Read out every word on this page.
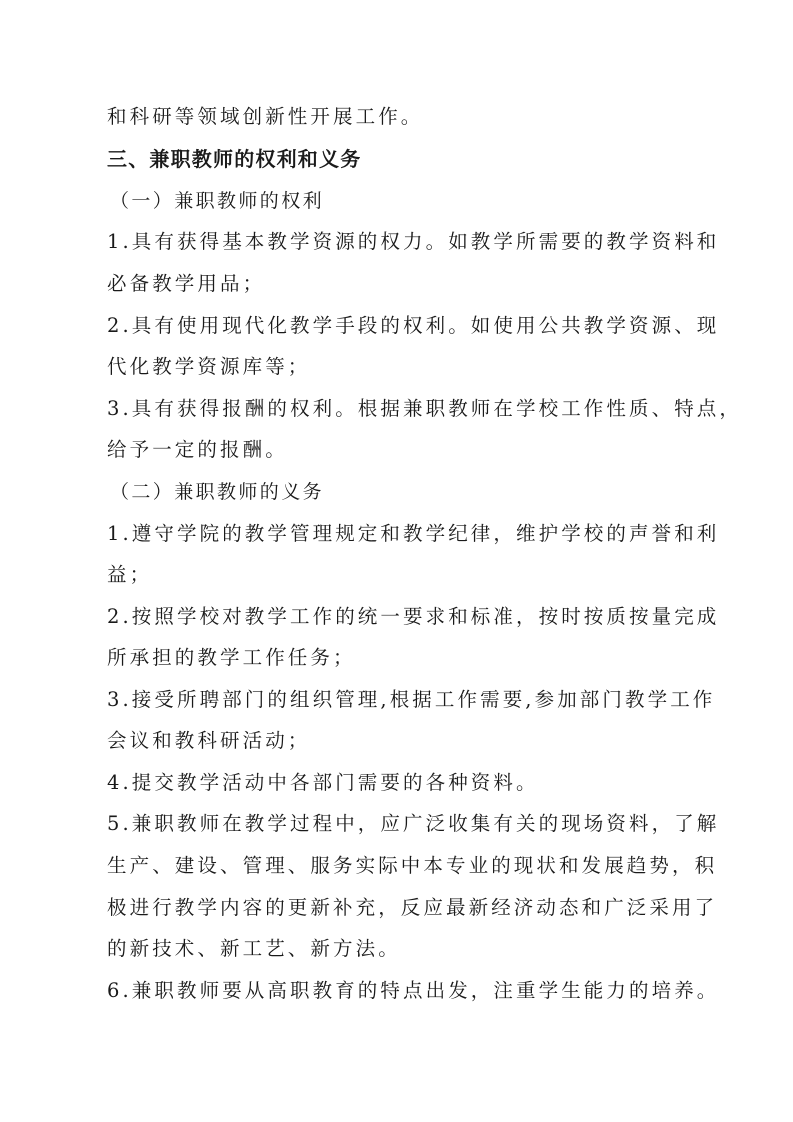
和科研等领域创新性开展工作。
三、兼职教师的权利和义务
（一）兼职教师的权利
1.具有获得基本教学资源的权力。如教学所需要的教学资料和
必备教学用品；
2.具有使用现代化教学手段的权利。如使用公共教学资源、现
代化教学资源库等；
3.具有获得报酬的权利。根据兼职教师在学校工作性质、特点，
给予一定的报酬。
（二）兼职教师的义务
1.遵守学院的教学管理规定和教学纪律，维护学校的声誉和利
益；
2.按照学校对教学工作的统一要求和标准，按时按质按量完成
所承担的教学工作任务；
3.接受所聘部门的组织管理,根据工作需要,参加部门教学工作
会议和教科研活动；
4.提交教学活动中各部门需要的各种资料。
5.兼职教师在教学过程中，应广泛收集有关的现场资料，了解
生产、建设、管理、服务实际中本专业的现状和发展趋势，积
极进行教学内容的更新补充，反应最新经济动态和广泛采用了
的新技术、新工艺、新方法。
6.兼职教师要从高职教育的特点出发，注重学生能力的培养。
